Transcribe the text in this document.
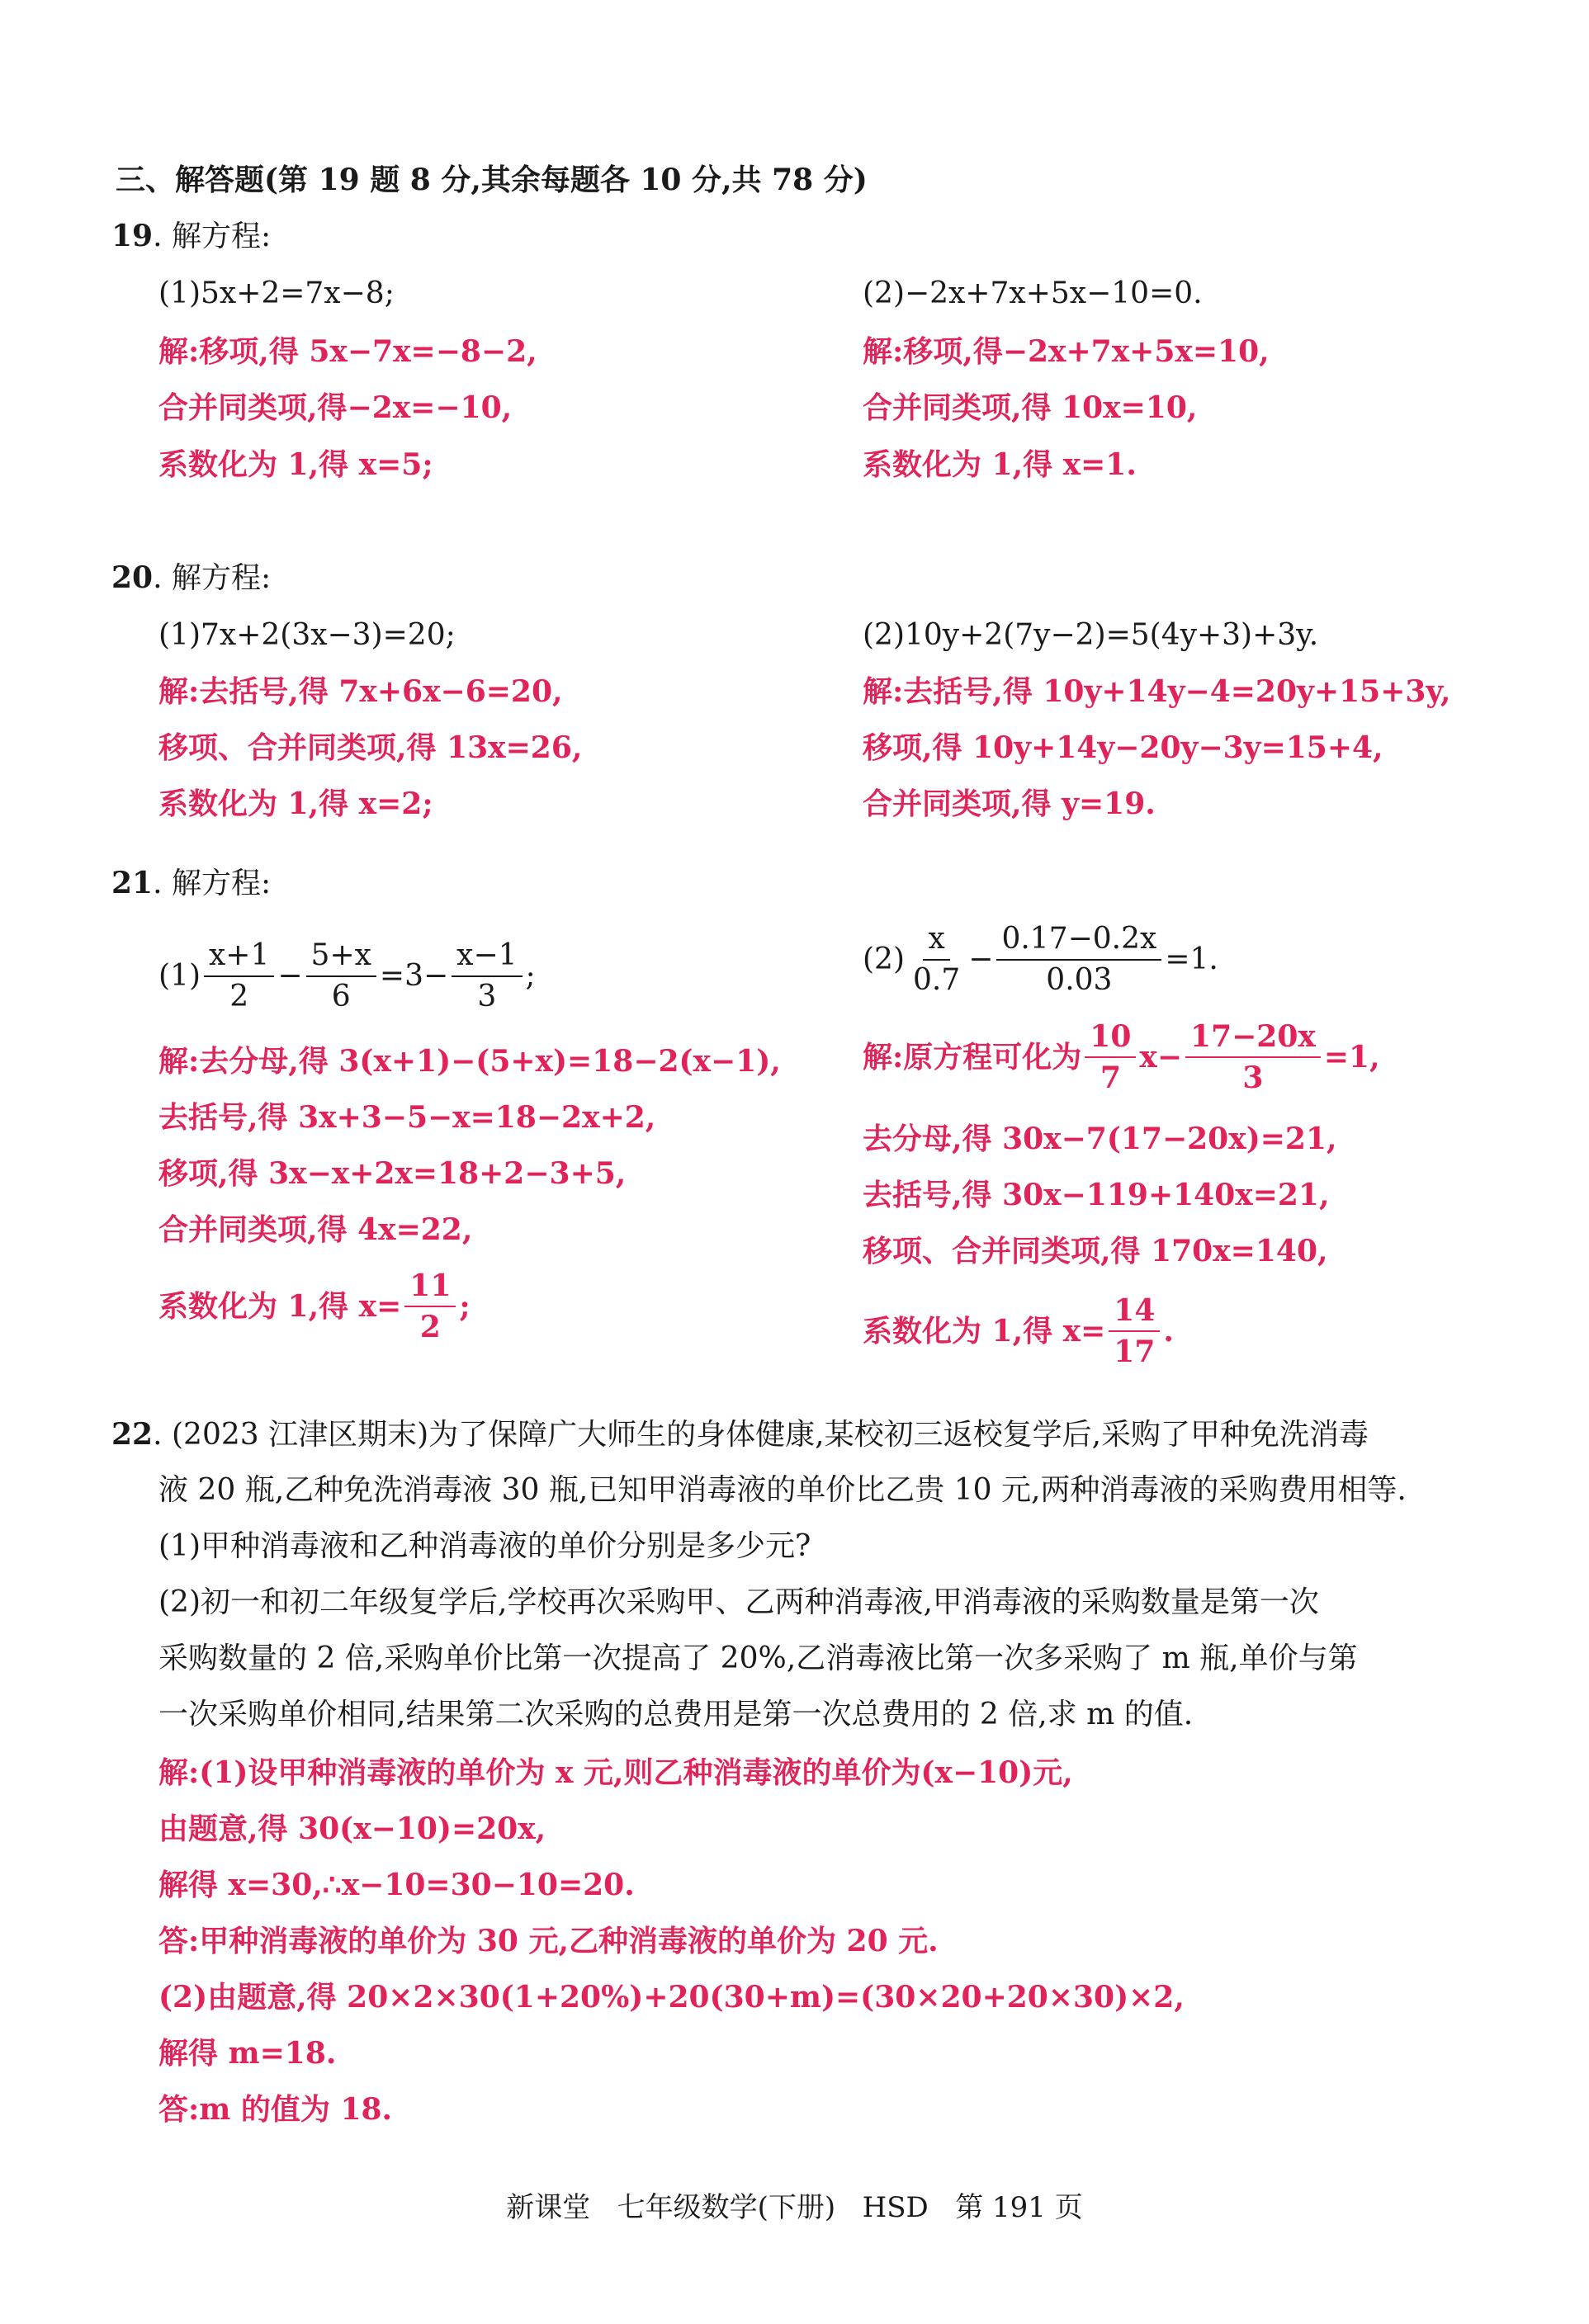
三、解答题(第 19 题 8 分,其余每题各 10 分,共 78 分)
19. 解方程:
(1)5x+2=7x−8;
解:移项,得 5x−7x=−8−2,
合并同类项,得−2x=−10,
系数化为 1,得 x=5;
(2)−2x+7x+5x−10=0.
解:移项,得−2x+7x+5x=10,
合并同类项,得 10x=10,
系数化为 1,得 x=1.
20. 解方程:
(1)7x+2(3x−3)=20;
解:去括号,得 7x+6x−6=20,
移项、合并同类项,得 13x=26,
系数化为 1,得 x=2;
(2)10y+2(7y−2)=5(4y+3)+3y.
解:去括号,得 10y+14y−4=20y+15+3y,
移项,得 10y+14y−20y−3y=15+4,
合并同类项,得 y=19.
21. 解方程:
$(1) \frac{x+1}{2} - \frac{5+x}{6} =3- \frac{x-1}{3}$ ;
解:去分母,得 3(x+1)−(5+x)=18−2(x−1),
去括号,得 3x+3−5−x=18−2x+2,
移项,得 3x−x+2x=18+2−3+5,
合并同类项,得 4x=22,
系数化为 1,得 $x= \frac{11}{2}$ ;
$(2) \frac{x}{0.7} - \frac{0.17-0.2x}{0.03} =1$.
解:原方程可化为 $\frac{10}{7} x- \frac{17-20x}{3} =1$,
去分母,得 30x−7(17−20x)=21,
去括号,得 30x−119+140x=21,
移项、合并同类项,得 170x=140,
系数化为 1,得 $x= \frac{14}{17}$ .
22. (2023 江津区期末)为了保障广大师生的身体健康,某校初三返校复学后,采购了甲种免洗消毒
液 20 瓶,乙种免洗消毒液 30 瓶,已知甲消毒液的单价比乙贵 10 元,两种消毒液的采购费用相等.
(1)甲种消毒液和乙种消毒液的单价分别是多少元?
(2)初一和初二年级复学后,学校再次采购甲、乙两种消毒液,甲消毒液的采购数量是第一次
采购数量的 2 倍,采购单价比第一次提高了 20%,乙消毒液比第一次多采购了 m 瓶,单价与第
一次采购单价相同,结果第二次采购的总费用是第一次总费用的 2 倍,求 m 的值.
解:(1)设甲种消毒液的单价为 x 元,则乙种消毒液的单价为(x−10)元,
由题意,得 30(x−10)=20x,
解得 x=30,∴x−10=30−10=20.
答:甲种消毒液的单价为 30 元,乙种消毒液的单价为 20 元.
(2)由题意,得 20×2×30(1+20%)+20(30+m)=(30×20+20×30)×2,
解得 m=18.
答:m 的值为 18.
新课堂   七年级数学(下册)   HSD   第 191 页
